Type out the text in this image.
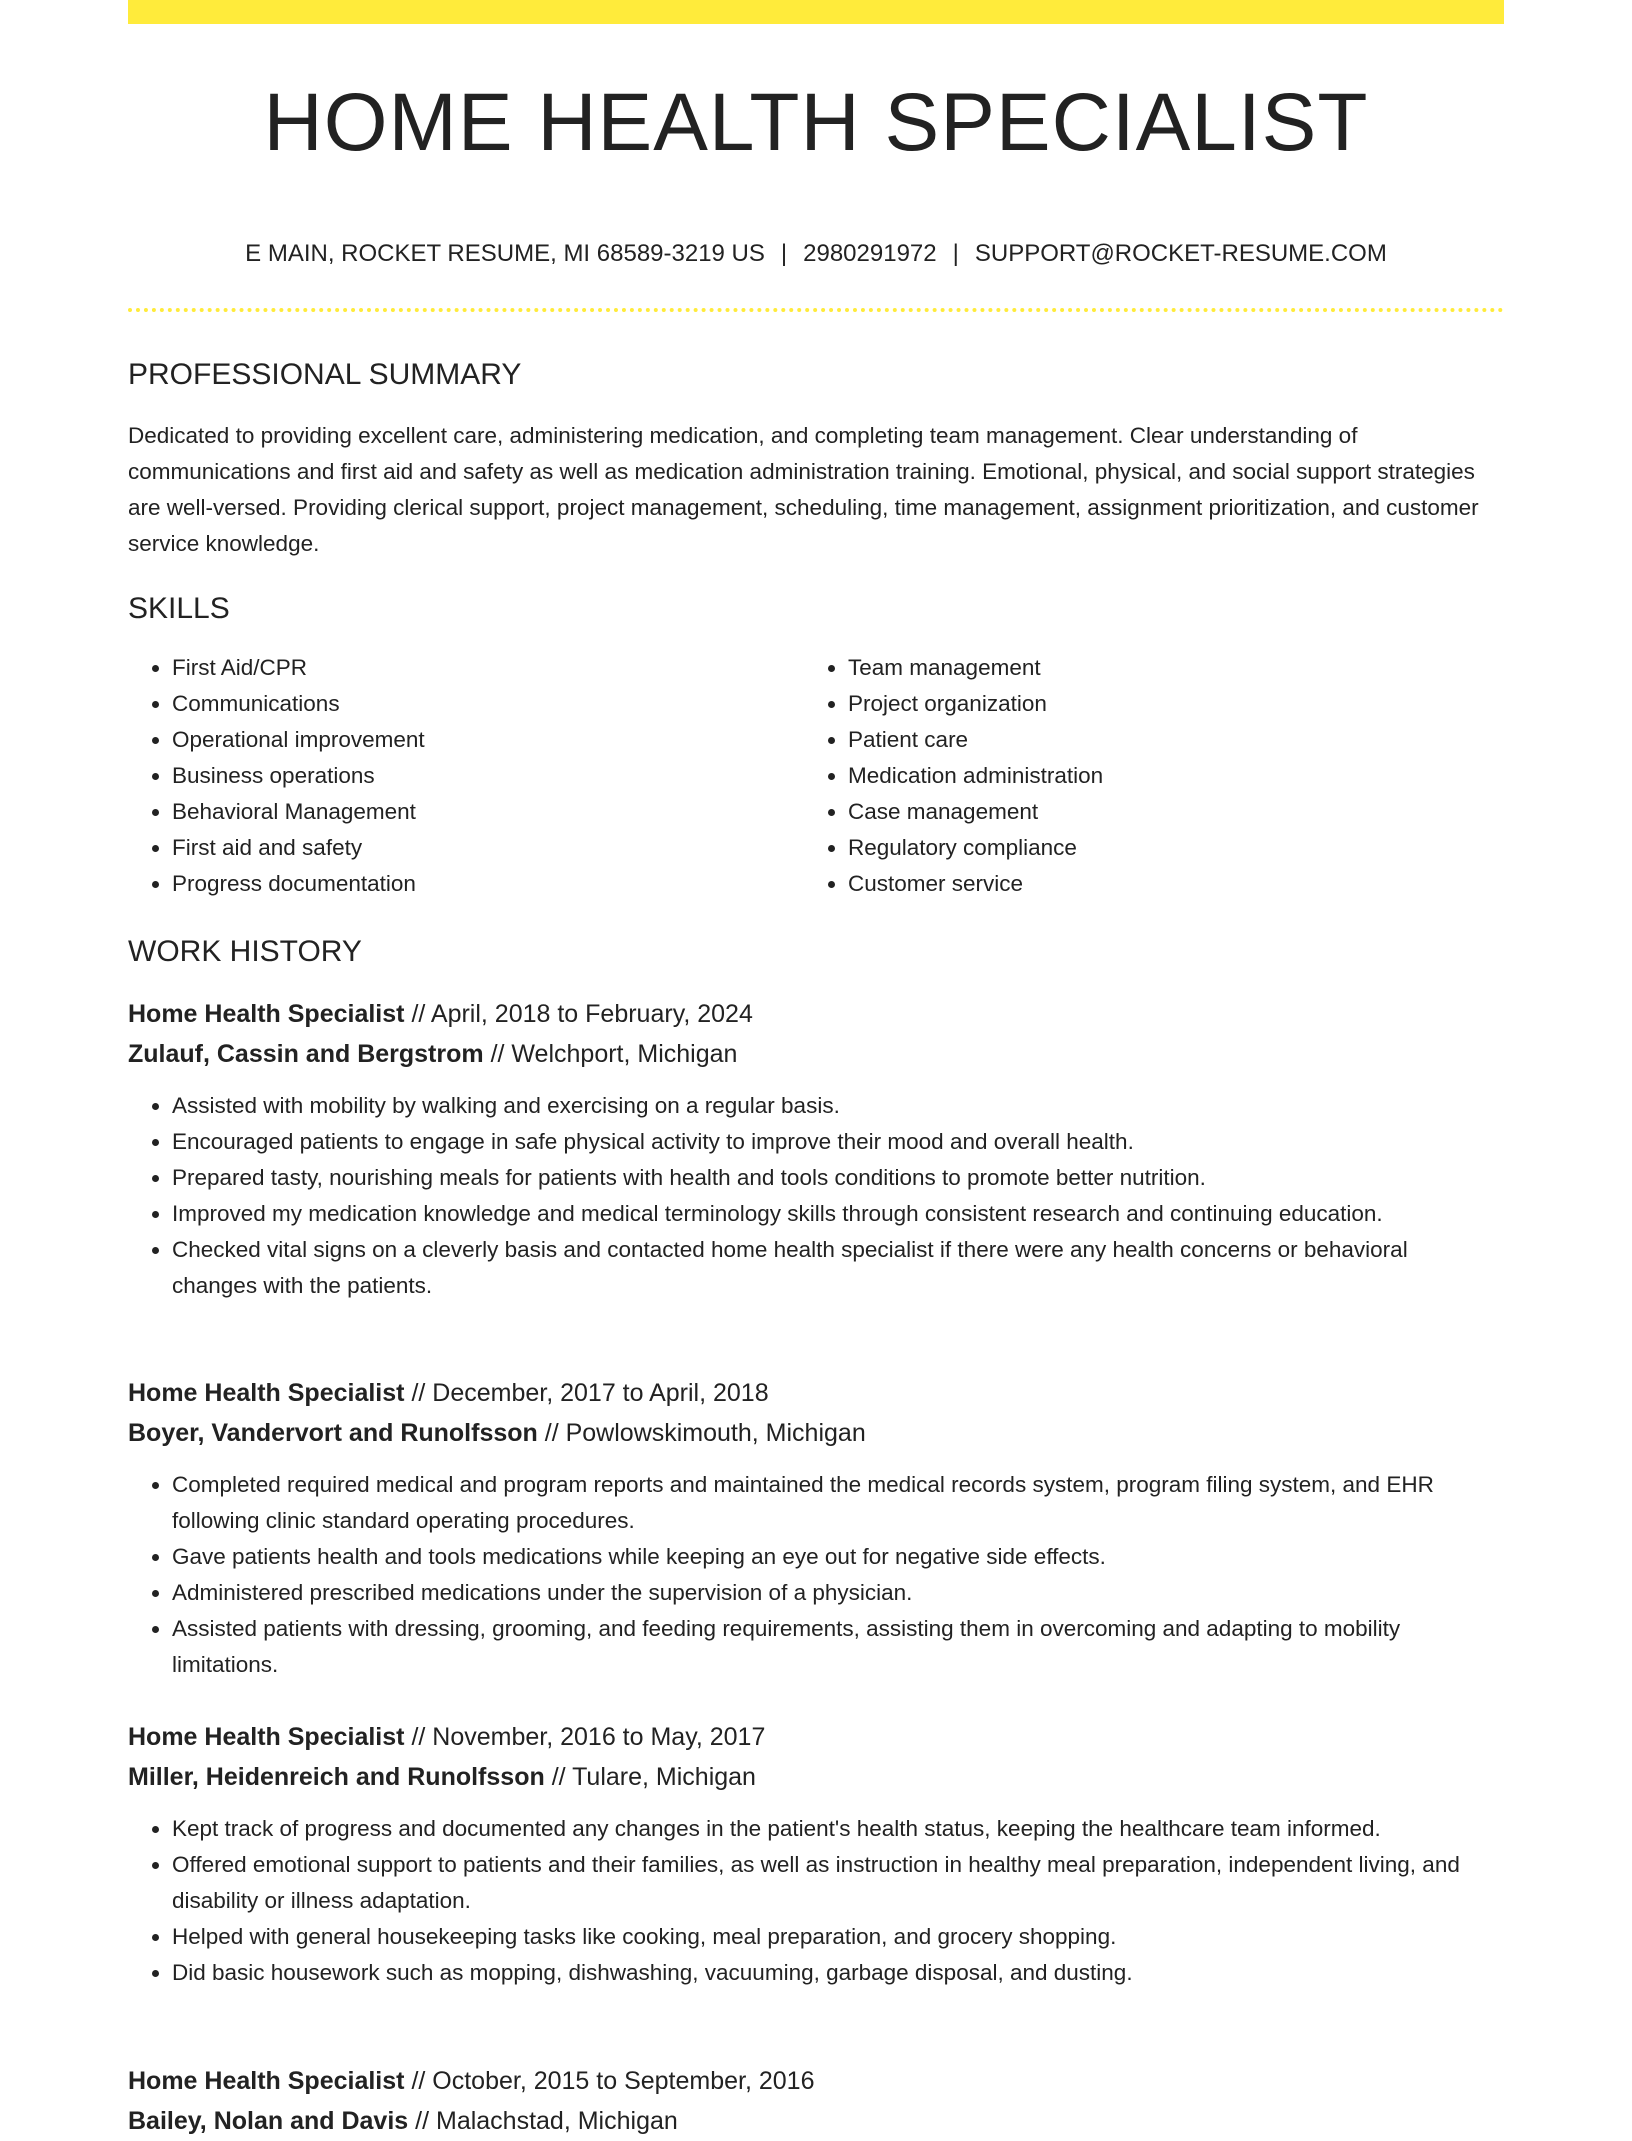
HOME HEALTH SPECIALIST
E MAIN, ROCKET RESUME, MI 68589-3219 US | 2980291972 | SUPPORT@ROCKET-RESUME.COM
PROFESSIONAL SUMMARY

Dedicated to providing excellent care, administering medication, and completing team management. Clear understanding of communications and first aid and safety as well as medication administration training. Emotional, physical, and social support strategies are well-versed. Providing clerical support, project management, scheduling, time management, assignment prioritization, and customer service knowledge.

SKILLS
• First Aid/CPR
• Communications
• Operational improvement
• Business operations
• Behavioral Management
• First aid and safety
• Progress documentation
• Team management
• Project organization
• Patient care
• Medication administration
• Case management
• Regulatory compliance
• Customer service
WORK HISTORY
Home Health Specialist // April, 2018 to February, 2024
Zulauf, Cassin and Bergstrom // Welchport, Michigan
• Assisted with mobility by walking and exercising on a regular basis.
• Encouraged patients to engage in safe physical activity to improve their mood and overall health.
• Prepared tasty, nourishing meals for patients with health and tools conditions to promote better nutrition.
• Improved my medication knowledge and medical terminology skills through consistent research and continuing education.
• Checked vital signs on a cleverly basis and contacted home health specialist if there were any health concerns or behavioral changes with the patients.
Home Health Specialist // December, 2017 to April, 2018
Boyer, Vandervort and Runolfsson // Powlowskimouth, Michigan
• Completed required medical and program reports and maintained the medical records system, program filing system, and EHR following clinic standard operating procedures.
• Gave patients health and tools medications while keeping an eye out for negative side effects.
• Administered prescribed medications under the supervision of a physician.
• Assisted patients with dressing, grooming, and feeding requirements, assisting them in overcoming and adapting to mobility limitations.
Home Health Specialist // November, 2016 to May, 2017
Miller, Heidenreich and Runolfsson // Tulare, Michigan
• Kept track of progress and documented any changes in the patient's health status, keeping the healthcare team informed.
• Offered emotional support to patients and their families, as well as instruction in healthy meal preparation, independent living, and disability or illness adaptation.
• Helped with general housekeeping tasks like cooking, meal preparation, and grocery shopping.
• Did basic housework such as mopping, dishwashing, vacuuming, garbage disposal, and dusting.
Home Health Specialist // October, 2015 to September, 2016
Bailey, Nolan and Davis // Malachstad, Michigan
